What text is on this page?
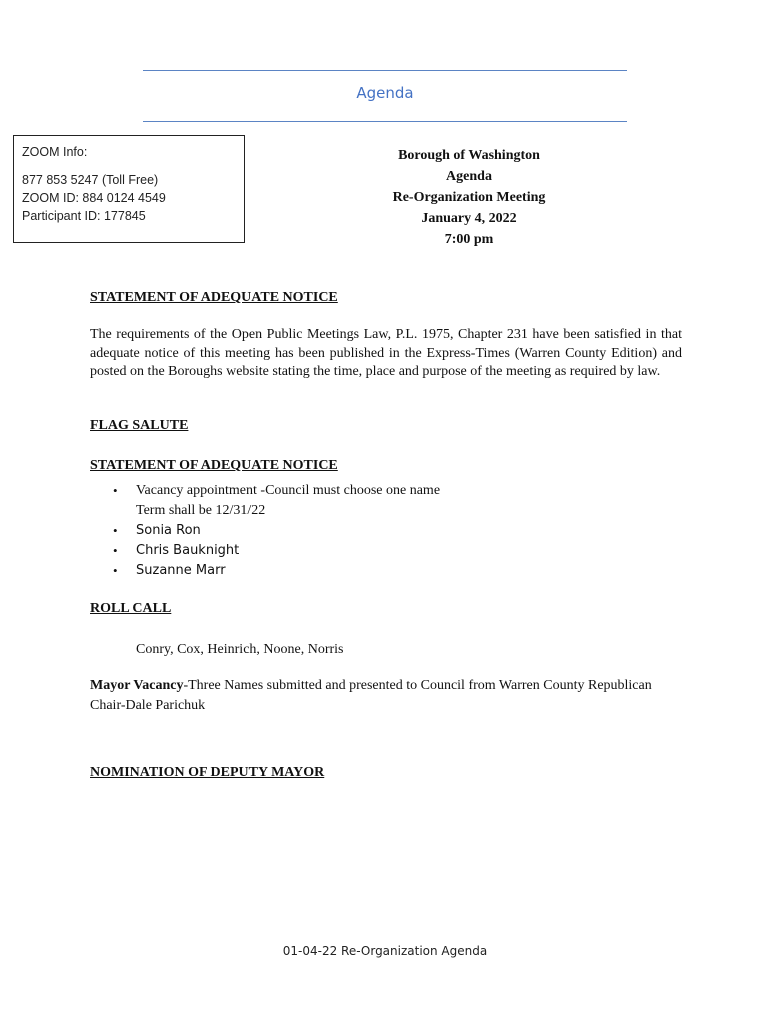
Agenda
ZOOM Info:
877 853 5247 (Toll Free)
ZOOM ID: 884 0124 4549
Participant ID: 177845
Borough of Washington
Agenda
Re-Organization Meeting
January 4, 2022
7:00 pm
STATEMENT OF ADEQUATE NOTICE
The requirements of the Open Public Meetings Law, P.L. 1975, Chapter 231 have been satisfied in that adequate notice of this meeting has been published in the Express-Times (Warren County Edition) and posted on the Boroughs website stating the time, place and purpose of the meeting as required by law.
FLAG SALUTE
STATEMENT OF ADEQUATE NOTICE
• Vacancy appointment -Council must choose one name
Term shall be 12/31/22
• Sonia Ron
• Chris Bauknight
• Suzanne Marr
ROLL CALL
Conry, Cox, Heinrich, Noone, Norris
Mayor Vacancy-Three Names submitted and presented to Council from Warren County Republican Chair-Dale Parichuk
NOMINATION OF DEPUTY MAYOR
01-04-22 Re-Organization Agenda
